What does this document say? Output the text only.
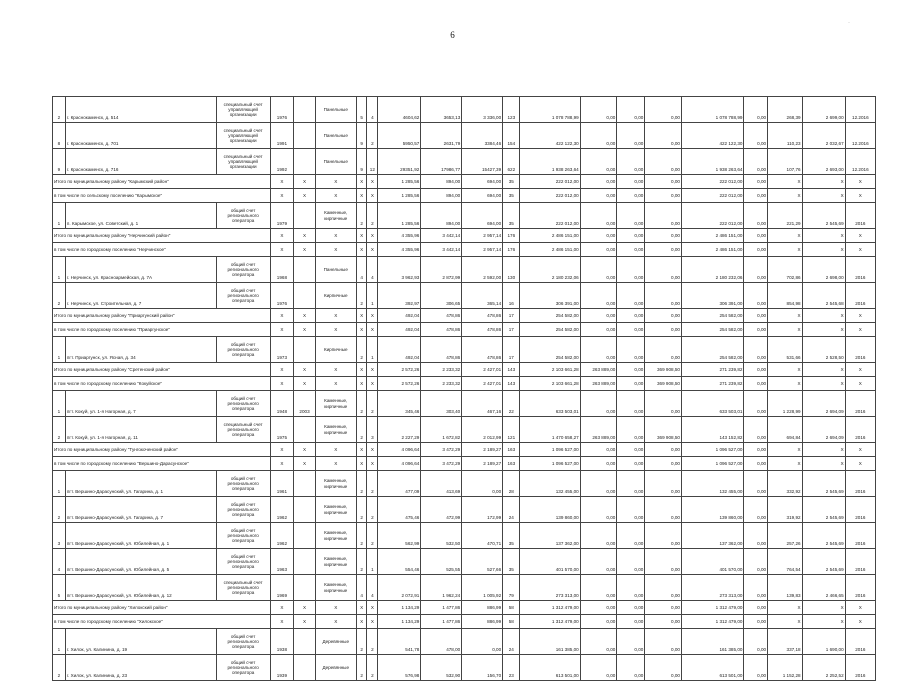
6
·
2	г. Краснокаменск, д. 514	специальный счет управляющей организации	1976		Панельные	5	4	4604,62	3653,13	3 336,00	123	1 078 788,99	0,00	0,00	0,00	1 078 788,99	0,00	268,39	2 699,00	12.2016
8	г. Краснокаменск, д. 701	специальный счет управляющей организации	1991		Панельные	9	2	5950,57	2631,79	3384,46	154	422 122,30	0,00	0,00	0,00	422 122,30	0,00	110,23	2 032,67	12.2016
9	г. Краснокаменск, д. 716	специальный счет управляющей организации	1992		Панельные	9	12	29351,92	17986,77	15427,39	622	1 938 263,64	0,00	0,00	0,00	1 938 263,64	0,00	107,76	2 693,00	12.2016
Итого по муниципальному району "Карымский район"			Х	Х	Х	Х	Х	1 285,56	894,00	694,00	35	222 012,00	0,00	0,00	0,00	222 012,00	0,00	Х	Х	Х
в том числе по сельскому поселению "Карымское"			Х	Х	Х	Х	Х	1 285,56	894,00	694,00	35	222 012,00	0,00	0,00	0,00	222 012,00	0,00	Х	Х	Х
1	п. Карымское, ул. Советский, д. 1	общий счет регионального оператора	1979		Каменные, кирпичные	2	2	1 285,56	894,00	694,00	35	222 012,00	0,00	0,00	0,00	222 012,00	0,00	221,29	2 545,69	2016
Итого по муниципальному району "Нерчинский район"			Х	Х	Х	Х	Х	4 355,96	3 442,14	2 957,14	176	2 486 151,00	0,00	0,00	0,00	2 486 151,00	0,00	Х	Х	Х
в том числе по городскому поселению "Нерчинское"			Х	Х	Х	Х	Х	4 355,96	3 442,14	2 957,14	176	2 486 151,00	0,00	0,00	0,00	2 486 151,00	0,00	Х	Х	Х
1	г. Нерчинск, ул. Красноармейская, д. 7А	общий счет регионального оператора	1968		Панельные	4	4	3 962,93	2 872,99	2 592,00	130	2 180 232,06	0,00	0,00	0,00	2 180 232,06	0,00	702,86	2 698,00	2016
2	г. Нерчинск, ул. Строительная, д. 7	общий счет регионального оператора	1976		Кирпичные	2	1	392,97	306,65	365,14	16	306 391,00	0,00	0,00	0,00	306 391,00	0,00	854,98	2 545,68	2016
Итого по муниципальному району "Приаргунский район"			Х	Х	Х	Х	Х	492,04	478,86	478,86	17	254 582,00	0,00	0,00	0,00	254 582,00	0,00	Х	Х	Х
в том числе по городскому поселению "Приаргунское"			Х	Х	Х	Х	Х	492,04	478,86	478,86	17	254 582,00	0,00	0,00	0,00	254 582,00	0,00	Х	Х	Х
1	пгт. Приаргунск, ул. Ясная, д. 34	общий счет регионального оператора	1973		Кирпичные	2	1	492,04	478,86	478,86	17	254 582,00	0,00	0,00	0,00	254 582,00	0,00	531,66	2 528,50	2016
Итого по муниципальному району "Сретенский район"			Х	Х	Х	Х	Х	2 572,26	2 233,32	2 427,01	143	2 103 661,28	263 889,00	0,00	369 908,50	271 239,82	0,00	Х	Х	Х
в том числе по городскому поселению "Кокуйское"			Х	Х	Х	Х	Х	2 572,26	2 233,32	2 427,01	143	2 103 661,28	263 889,00	0,00	369 908,50	271 239,82	0,00	Х	Х	Х
1	пгт. Кокуй, ул. 1-я Нагорная, д. 7	общий счет регионального оператора	1948	2003	Каменные, кирпичные	2	2	345,46	303,40	467,16	22	633 503,01	0,00	0,00	0,00	633 503,01	0,00	1 228,99	2 694,09	2016
2	пгт. Кокуй, ул. 1-я Нагорная, д. 11	специальный счет регионального оператора	1975		Каменные, кирпичные	2	3	2 227,29	1 672,82	2 012,99	121	1 470 658,27	263 889,00	0,00	369 908,50	143 152,82	0,00	694,84	2 694,09	2016
Итого по муниципальному району "Тунгокоченский район"			Х	Х	Х	Х	Х	4 096,64	3 472,29	2 189,27	163	1 096 527,00	0,00	0,00	0,00	1 096 527,00	0,00	Х	Х	Х
в том числе по городскому поселению "Вершино-Дарасунское"			Х	Х	Х	Х	Х	4 096,64	3 472,29	2 189,27	163	1 096 527,00	0,00	0,00	0,00	1 096 527,00	0,00	Х	Х	Х
1	пгт. Вершино-Дарасунский, ул. Гагарина, д. 1	общий счет регионального оператора	1961		Каменные, кирпичные	2	2	477,09	413,69	0,00	28	132 455,00	0,00	0,00	0,00	132 455,00	0,00	332,92	2 545,69	2016
2	пгт. Вершино-Дарасунский, ул. Гагарина, д. 7	общий счет регионального оператора	1962		Каменные, кирпичные	2	2	475,46	472,99	172,99	24	139 860,00	0,00	0,00	0,00	139 860,00	0,00	319,92	2 545,69	2016
3	пгт. Вершино-Дарасунский, ул. Юбилейная, д. 1	общий счет регионального оператора	1962		Каменные, кирпичные	2	2	562,99	532,50	470,71	35	137 362,00	0,00	0,00	0,00	137 362,00	0,00	257,26	2 545,69	2016
4	пгт. Вершино-Дарасунский, ул. Юбилейная, д. 5	общий счет регионального оператора	1963		Каменные, кирпичные	2	1	554,46	525,55	527,66	35	401 570,00	0,00	0,00	0,00	401 570,00	0,00	764,54	2 545,69	2016
5	пгт. Вершино-Дарасунский, ул. Юбилейная, д. 12	специальный счет регионального оператора	1969		Каменные, кирпичные	4	4	2 072,91	1 962,24	1 005,92	79	273 313,00	0,00	0,00	0,00	273 313,00	0,00	139,83	2 466,65	2016
Итого по муниципальному району "Хилокский район"			Х	Х	Х	Х	Х	1 134,29	1 477,86	886,99	58	1 312 479,00	0,00	0,00	0,00	1 312 479,00	0,00	Х	Х	Х
в том числе по городскому поселению "Хилокское"			Х	Х	Х	Х	Х	1 134,29	1 477,86	886,99	58	1 312 479,00	0,00	0,00	0,00	1 312 479,00	0,00	Х	Х	Х
1	г. Хилок, ул. Калинина, д. 19	общий счет регионального оператора	1938		Деревянные	2	2	541,78	478,00	0,00	24	161 385,00	0,00	0,00	0,00	161 385,00	0,00	337,18	1 690,00	2016
2	г. Хилок, ул. Калинина, д. 23	общий счет регионального оператора	1939		Деревянные	2	2	576,98	532,90	156,70	23	613 501,00	0,00	0,00	0,00	613 501,00	0,00	1 152,28	2 252,52	2016
